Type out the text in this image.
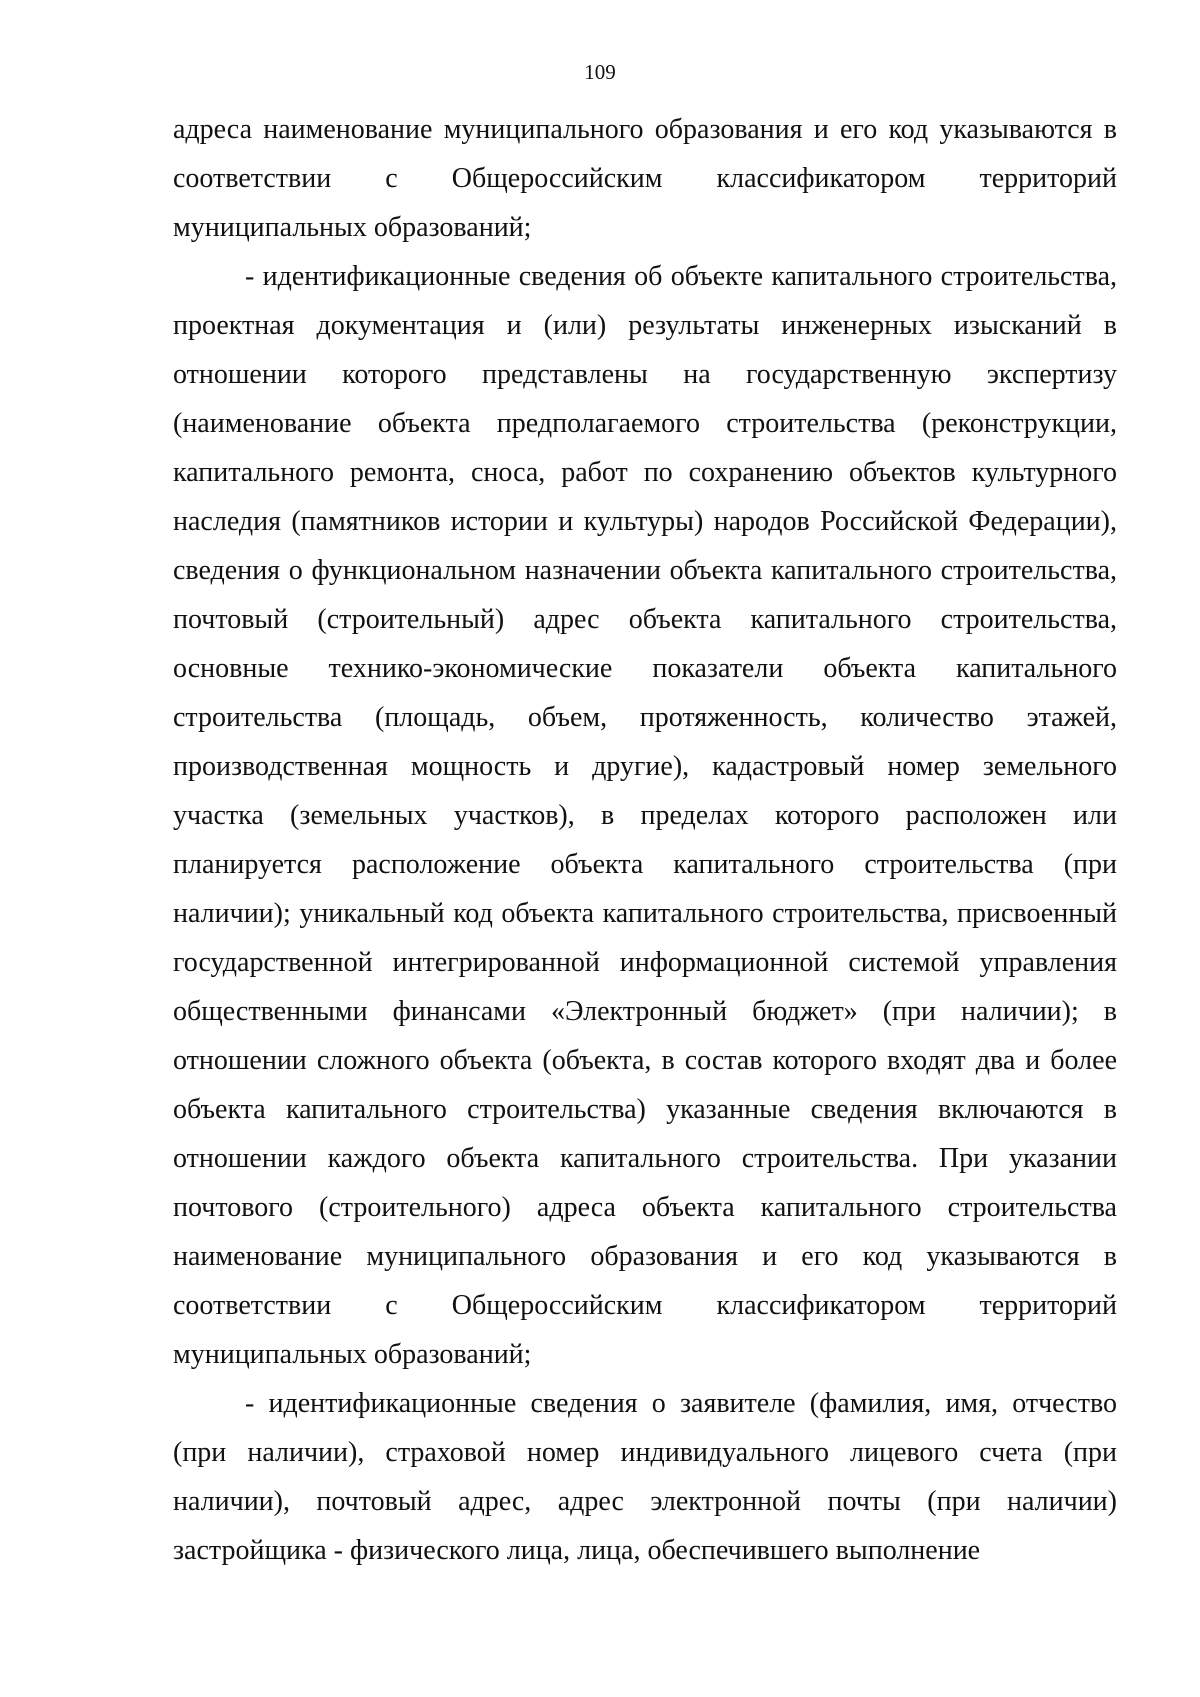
109

адреса наименование муниципального образования и его код указываются в соответствии с Общероссийским классификатором территорий муниципальных образований;

- идентификационные сведения об объекте капитального строительства, проектная документация и (или) результаты инженерных изысканий в отношении которого представлены на государственную экспертизу (наименование объекта предполагаемого строительства (реконструкции, капитального ремонта, сноса, работ по сохранению объектов культурного наследия (памятников истории и культуры) народов Российской Федерации), сведения о функциональном назначении объекта капитального строительства, почтовый (строительный) адрес объекта капитального строительства, основные технико-экономические показатели объекта капитального строительства (площадь, объем, протяженность, количество этажей, производственная мощность и другие), кадастровый номер земельного участка (земельных участков), в пределах которого расположен или планируется расположение объекта капитального строительства (при наличии); уникальный код объекта капитального строительства, присвоенный государственной интегрированной информационной системой управления общественными финансами «Электронный бюджет» (при наличии); в отношении сложного объекта (объекта, в состав которого входят два и более объекта капитального строительства) указанные сведения включаются в отношении каждого объекта капитального строительства. При указании почтового (строительного) адреса объекта капитального строительства наименование муниципального образования и его код указываются в соответствии с Общероссийским классификатором территорий муниципальных образований;

- идентификационные сведения о заявителе (фамилия, имя, отчество (при наличии), страховой номер индивидуального лицевого счета (при наличии), почтовый адрес, адрес электронной почты (при наличии) застройщика - физического лица, лица, обеспечившего выполнение
